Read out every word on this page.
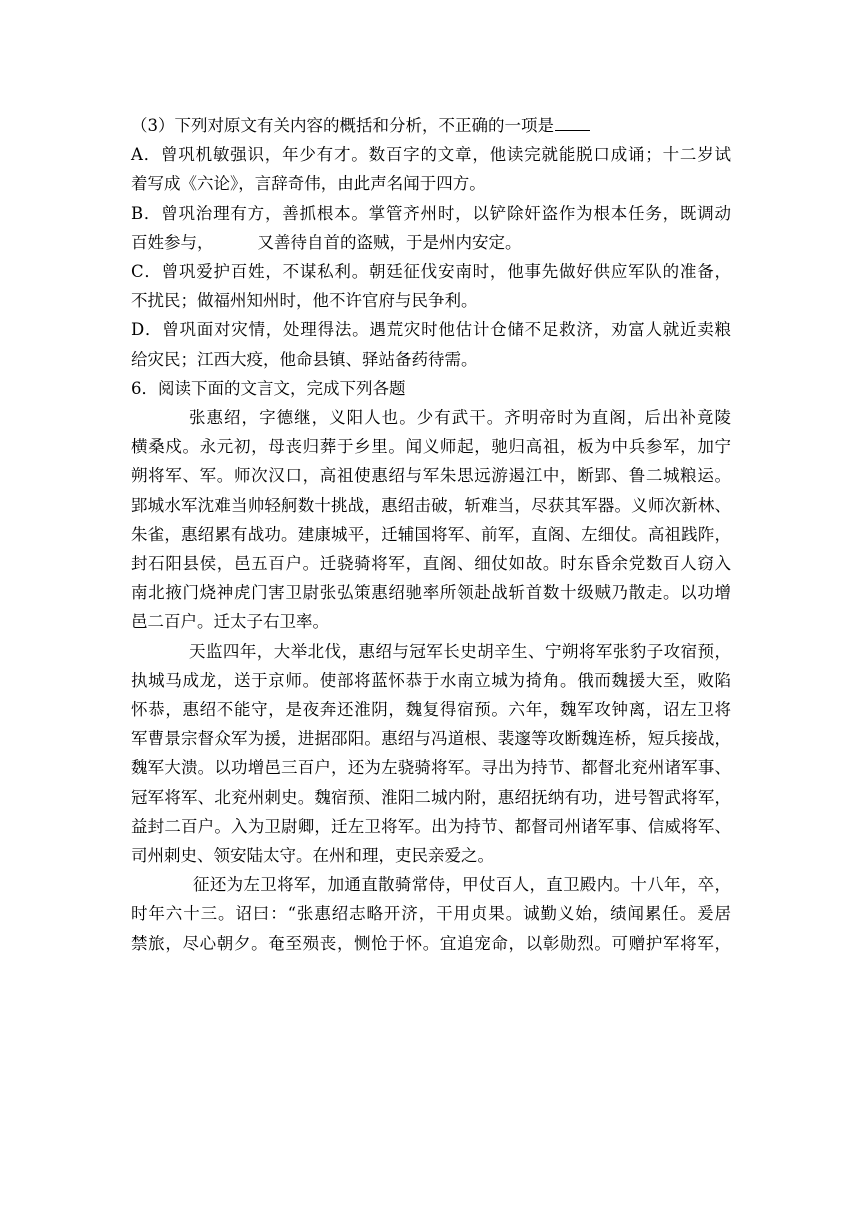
（3）下列对原文有关内容的概括和分析，不正确的一项是

A．曾巩机敏强识，年少有才。数百字的文章，他读完就能脱口成诵；十二岁试

着写成《六论》，言辞奇伟，由此声名闻于四方。

B．曾巩治理有方，善抓根本。掌管齐州时，以铲除奸盗作为根本任务，既调动

百姓参与，	又善待自首的盗贼，于是州内安定。

C．曾巩爱护百姓，不谋私利。朝廷征伐安南时，他事先做好供应军队的准备，

不扰民；做福州知州时，他不许官府与民争利。

D．曾巩面对灾情，处理得法。遇荒灾时他估计仓储不足救济，劝富人就近卖粮

给灾民；江西大疫，他命县镇、驿站备药待需。

6．阅读下面的文言文，完成下列各题

张惠绍，字德继，义阳人也。少有武干。齐明帝时为直阁，后出补竟陵

横桑戍。永元初，母丧归葬于乡里。闻义师起，驰归高祖，板为中兵参军，加宁

朔将军、军。师次汉口，高祖使惠绍与军朱思远游遏江中，断郢、鲁二城粮运。

郢城水军沈难当帅轻舸数十挑战，惠绍击破，斩难当，尽获其军器。义师次新林、

朱雀，惠绍累有战功。建康城平，迁辅国将军、前军，直阁、左细仗。高祖践阼，

封石阳县侯，邑五百户。迁骁骑将军，直阁、细仗如故。时东昏余党数百人窃入

南北掖门烧神虎门害卫尉张弘策惠绍驰率所领赴战斩首数十级贼乃散走。以功增

邑二百户。迁太子右卫率。

天监四年，大举北伐，惠绍与冠军长史胡辛生、宁朔将军张豹子攻宿预，

执城马成龙，送于京师。使部将蓝怀恭于水南立城为掎角。俄而魏援大至，败陷

怀恭，惠绍不能守，是夜奔还淮阴，魏复得宿预。六年，魏军攻钟离，诏左卫将

军曹景宗督众军为援，进据邵阳。惠绍与冯道根、裴邃等攻断魏连桥，短兵接战，

魏军大溃。以功增邑三百户，还为左骁骑将军。寻出为持节、都督北兖州诸军事、

冠军将军、北兖州刺史。魏宿预、淮阳二城内附，惠绍抚纳有功，进号智武将军，

益封二百户。入为卫尉卿，迁左卫将军。出为持节、都督司州诸军事、信威将军、

司州刺史、领安陆太守。在州和理，吏民亲爱之。

征还为左卫将军，加通直散骑常侍，甲仗百人，直卫殿内。十八年，卒，

时年六十三。诏曰：“张惠绍志略开济，干用贞果。诚勤义始，绩闻累任。爰居

禁旅，尽心朝夕。奄至殒丧，恻怆于怀。宜追宠命，以彰勋烈。可赠护军将军，
